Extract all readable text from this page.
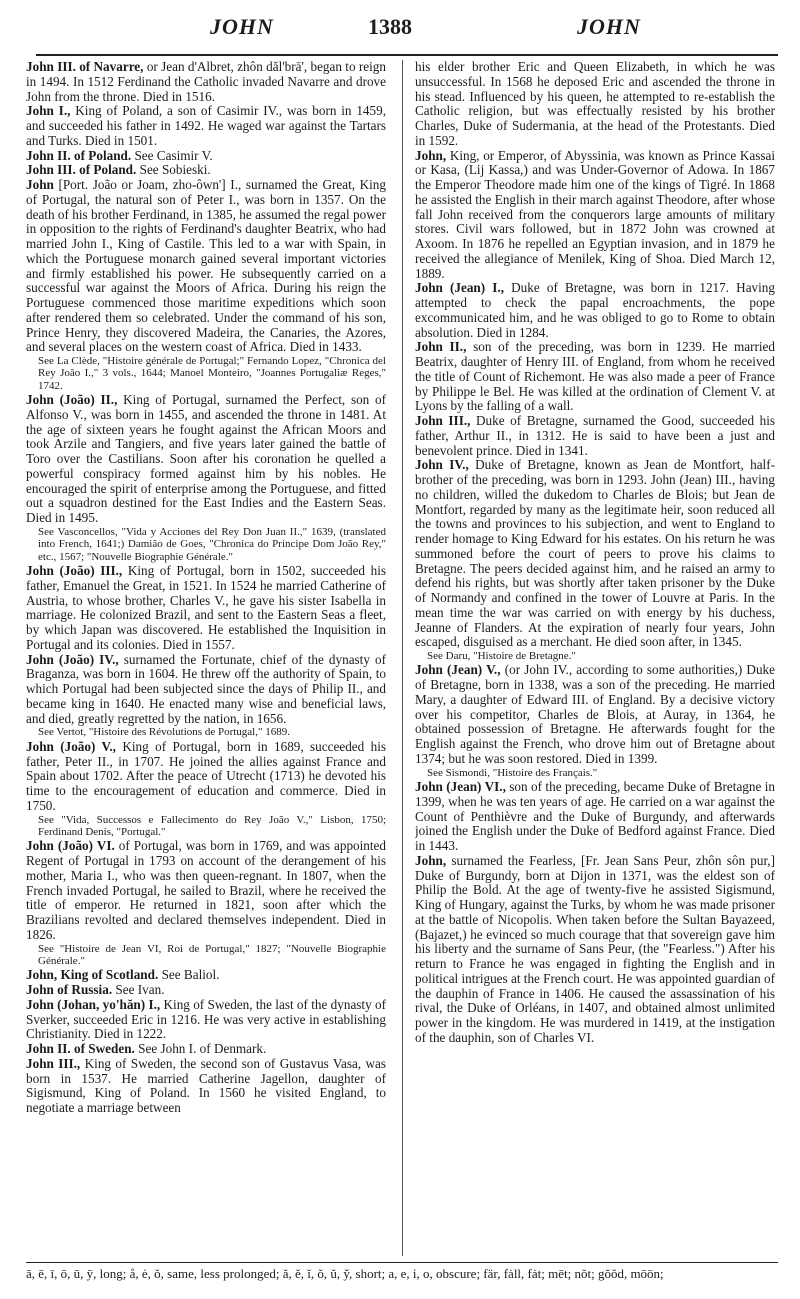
JOHN	1388	JOHN

John III. of Navarre, or Jean d'Albret, zhôn dăl'brā', began to reign in 1494. In 1512 Ferdinand the Catholic invaded Navarre and drove John from the throne. Died in 1516.

John I., King of Poland, a son of Casimir IV., was born in 1459, and succeeded his father in 1492. He waged war against the Tartars and Turks. Died in 1501.

John II. of Poland. See Casimir V.

John III. of Poland. See Sobieski.

John [Port. João or Joam, zho-ôwn'] I., surnamed the Great, King of Portugal, the natural son of Peter I., was born in 1357. On the death of his brother Ferdinand, in 1385, he assumed the regal power in opposition to the rights of Ferdinand's daughter Beatrix, who had married John I., King of Castile. This led to a war with Spain, in which the Portuguese monarch gained several important victories and firmly established his power. He subsequently carried on a successful war against the Moors of Africa. During his reign the Portuguese commenced those maritime expeditions which soon after rendered them so celebrated. Under the command of his son, Prince Henry, they discovered Madeira, the Canaries, the Azores, and several places on the western coast of Africa. Died in 1433.

See La Clède, "Histoire générale de Portugal;" Fernando Lopez, "Chronica del Rey João I.," 3 vols., 1644; Manoel Monteiro, "Joannes Portugaliæ Reges," 1742.

John (João) II., King of Portugal, surnamed the Perfect, son of Alfonso V., was born in 1455, and ascended the throne in 1481. At the age of sixteen years he fought against the African Moors and took Arzile and Tangiers, and five years later gained the battle of Toro over the Castilians. Soon after his coronation he quelled a powerful conspiracy formed against him by his nobles. He encouraged the spirit of enterprise among the Portuguese, and fitted out a squadron destined for the East Indies and the Eastern Seas. Died in 1495.

See Vasconcellos, "Vida y Acciones del Rey Don Juan II.," 1639, (translated into French, 1641;) Damião de Goes, "Chronica do Principe Dom João Rey," etc., 1567; "Nouvelle Biographie Générale."

John (João) III., King of Portugal, born in 1502, succeeded his father, Emanuel the Great, in 1521. In 1524 he married Catherine of Austria, to whose brother, Charles V., he gave his sister Isabella in marriage. He colonized Brazil, and sent to the Eastern Seas a fleet, by which Japan was discovered. He established the Inquisition in Portugal and its colonies. Died in 1557.

John (João) IV., surnamed the Fortunate, chief of the dynasty of Braganza, was born in 1604. He threw off the authority of Spain, to which Portugal had been subjected since the days of Philip II., and became king in 1640. He enacted many wise and beneficial laws, and died, greatly regretted by the nation, in 1656.

See Vertot, "Histoire des Révolutions de Portugal," 1689.

John (João) V., King of Portugal, born in 1689, succeeded his father, Peter II., in 1707. He joined the allies against France and Spain about 1702. After the peace of Utrecht (1713) he devoted his time to the encouragement of education and commerce. Died in 1750.

See "Vida, Successos e Fallecimento do Rey João V.," Lisbon, 1750; Ferdinand Denis, "Portugal."

John (João) VI. of Portugal, was born in 1769, and was appointed Regent of Portugal in 1793 on account of the derangement of his mother, Maria I., who was then queen-regnant. In 1807, when the French invaded Portugal, he sailed to Brazil, where he received the title of emperor. He returned in 1821, soon after which the Brazilians revolted and declared themselves independent. Died in 1826.

See "Histoire de Jean VI, Roi de Portugal," 1827; "Nouvelle Biographie Générale."

John, King of Scotland. See Baliol.

John of Russia. See Ivan.

John (Johan, yo'hăn) I., King of Sweden, the last of the dynasty of Sverker, succeeded Eric in 1216. He was very active in establishing Christianity. Died in 1222.

John II. of Sweden. See John I. of Denmark.

John III., King of Sweden, the second son of Gustavus Vasa, was born in 1537. He married Catherine Jagellon, daughter of Sigismund, King of Poland. In 1560 he visited England, to negotiate a marriage between

his elder brother Eric and Queen Elizabeth, in which he was unsuccessful. In 1568 he deposed Eric and ascended the throne in his stead. Influenced by his queen, he attempted to re-establish the Catholic religion, but was effectually resisted by his brother Charles, Duke of Sudermania, at the head of the Protestants. Died in 1592.

John, King, or Emperor, of Abyssinia, was known as Prince Kassai or Kasa, (Lij Kassa,) and was Under-Governor of Adowa. In 1867 the Emperor Theodore made him one of the kings of Tigré. In 1868 he assisted the English in their march against Theodore, after whose fall John received from the conquerors large amounts of military stores. Civil wars followed, but in 1872 John was crowned at Axoom. In 1876 he repelled an Egyptian invasion, and in 1879 he received the allegiance of Menilek, King of Shoa. Died March 12, 1889.

John (Jean) I., Duke of Bretagne, was born in 1217. Having attempted to check the papal encroachments, the pope excommunicated him, and he was obliged to go to Rome to obtain absolution. Died in 1284.

John II., son of the preceding, was born in 1239. He married Beatrix, daughter of Henry III. of England, from whom he received the title of Count of Richemont. He was also made a peer of France by Philippe le Bel. He was killed at the ordination of Clement V. at Lyons by the falling of a wall.

John III., Duke of Bretagne, surnamed the Good, succeeded his father, Arthur II., in 1312. He is said to have been a just and benevolent prince. Died in 1341.

John IV., Duke of Bretagne, known as Jean de Montfort, half-brother of the preceding, was born in 1293. John (Jean) III., having no children, willed the dukedom to Charles de Blois; but Jean de Montfort, regarded by many as the legitimate heir, soon reduced all the towns and provinces to his subjection, and went to England to render homage to King Edward for his estates. On his return he was summoned before the court of peers to prove his claims to Bretagne. The peers decided against him, and he raised an army to defend his rights, but was shortly after taken prisoner by the Duke of Normandy and confined in the tower of Louvre at Paris. In the mean time the war was carried on with energy by his duchess, Jeanne of Flanders. At the expiration of nearly four years, John escaped, disguised as a merchant. He died soon after, in 1345.

See Daru, "Histoire de Bretagne."

John (Jean) V., (or John IV., according to some authorities,) Duke of Bretagne, born in 1338, was a son of the preceding. He married Mary, a daughter of Edward III. of England. By a decisive victory over his competitor, Charles de Blois, at Auray, in 1364, he obtained possession of Bretagne. He afterwards fought for the English against the French, who drove him out of Bretagne about 1374; but he was soon restored. Died in 1399.

See Sismondi, "Histoire des Français."

John (Jean) VI., son of the preceding, became Duke of Bretagne in 1399, when he was ten years of age. He carried on a war against the Count of Penthièvre and the Duke of Burgundy, and afterwards joined the English under the Duke of Bedford against France. Died in 1443.

John, surnamed the Fearless, [Fr. Jean Sans Peur, zhôn sôn pur,] Duke of Burgundy, born at Dijon in 1371, was the eldest son of Philip the Bold. At the age of twenty-five he assisted Sigismund, King of Hungary, against the Turks, by whom he was made prisoner at the battle of Nicopolis. When taken before the Sultan Bayazeed, (Bajazet,) he evinced so much courage that that sovereign gave him his liberty and the surname of Sans Peur, (the "Fearless.") After his return to France he was engaged in fighting the English and in political intrigues at the French court. He was appointed guardian of the dauphin of France in 1406. He caused the assassination of his rival, the Duke of Orléans, in 1407, and obtained almost unlimited power in the kingdom. He was murdered in 1419, at the instigation of the dauphin, son of Charles VI.

ā, ē, ī, ō, ū, ȳ, long; å, ė, ŏ, same, less prolonged; ă, ĕ, ĭ, ŏ, ŭ, y̆, short; a, e, i, o, obscure; fär, fȧll, fȧt; mēt; nŏt; gŏŏd, mōōn;
